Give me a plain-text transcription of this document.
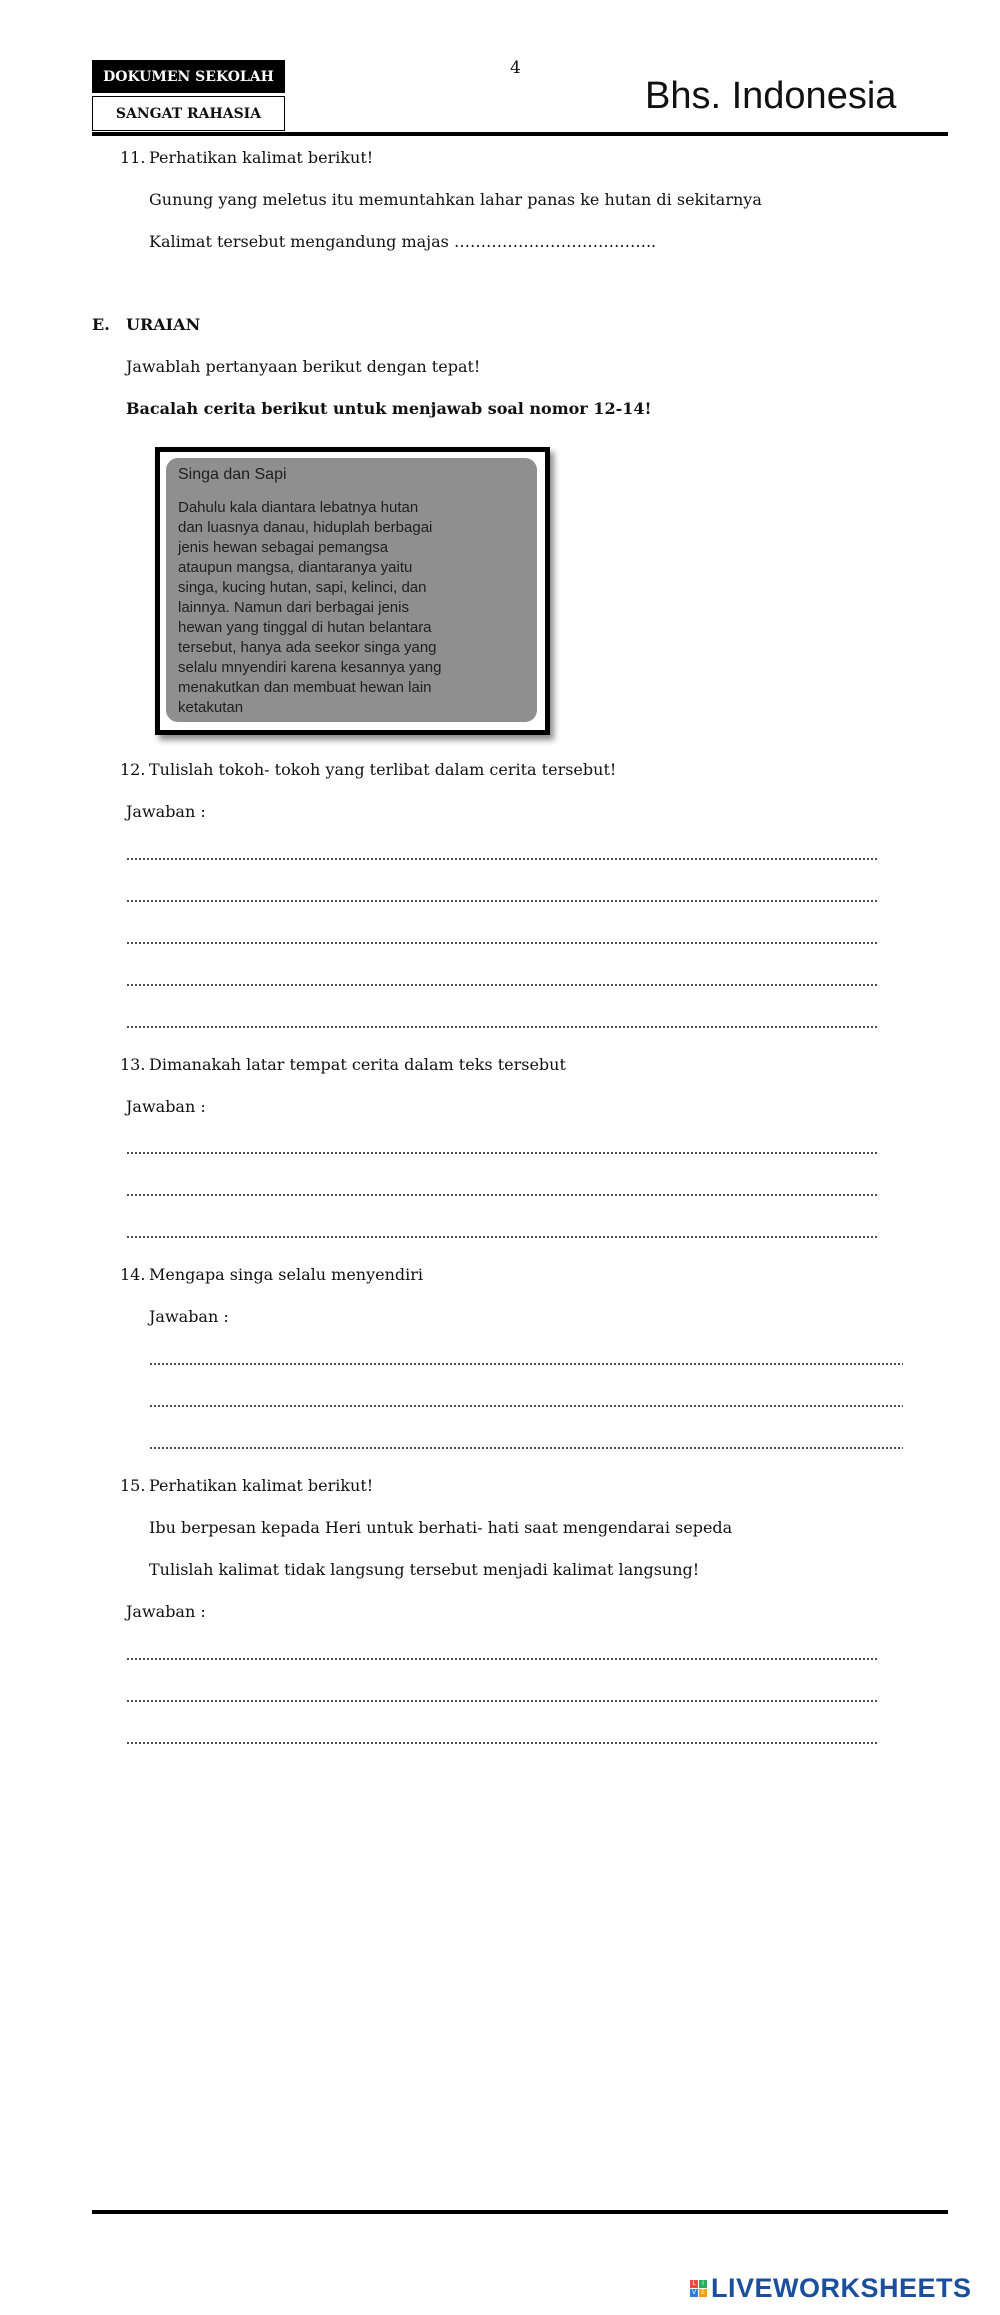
DOKUMEN SEKOLAH
SANGAT RAHASIA
4
Bhs. Indonesia
11. Perhatikan kalimat berikut!
Gunung yang meletus itu memuntahkan lahar panas ke hutan di sekitarnya
Kalimat tersebut mengandung majas ………………………………..
E. URAIAN
Jawablah pertanyaan berikut dengan tepat!
Bacalah cerita berikut untuk menjawab soal nomor 12-14!
Singa dan Sapi
Dahulu kala diantara lebatnya hutan
dan luasnya danau, hiduplah berbagai
jenis hewan sebagai pemangsa
ataupun mangsa, diantaranya yaitu
singa, kucing hutan, sapi, kelinci, dan
lainnya. Namun dari berbagai jenis
hewan yang tinggal di hutan belantara
tersebut, hanya ada seekor singa yang
selalu mnyendiri karena kesannya yang
menakutkan dan membuat hewan lain
ketakutan
12. Tulislah tokoh- tokoh yang terlibat dalam cerita tersebut!
Jawaban :
13. Dimanakah latar tempat cerita dalam teks tersebut
Jawaban :
14. Mengapa singa selalu menyendiri
Jawaban :
15. Perhatikan kalimat berikut!
Ibu berpesan kepada Heri untuk berhati- hati saat mengendarai sepeda
Tulislah kalimat tidak langsung tersebut menjadi kalimat langsung!
Jawaban :
L	I
V E LIVEWORKSHEETS
